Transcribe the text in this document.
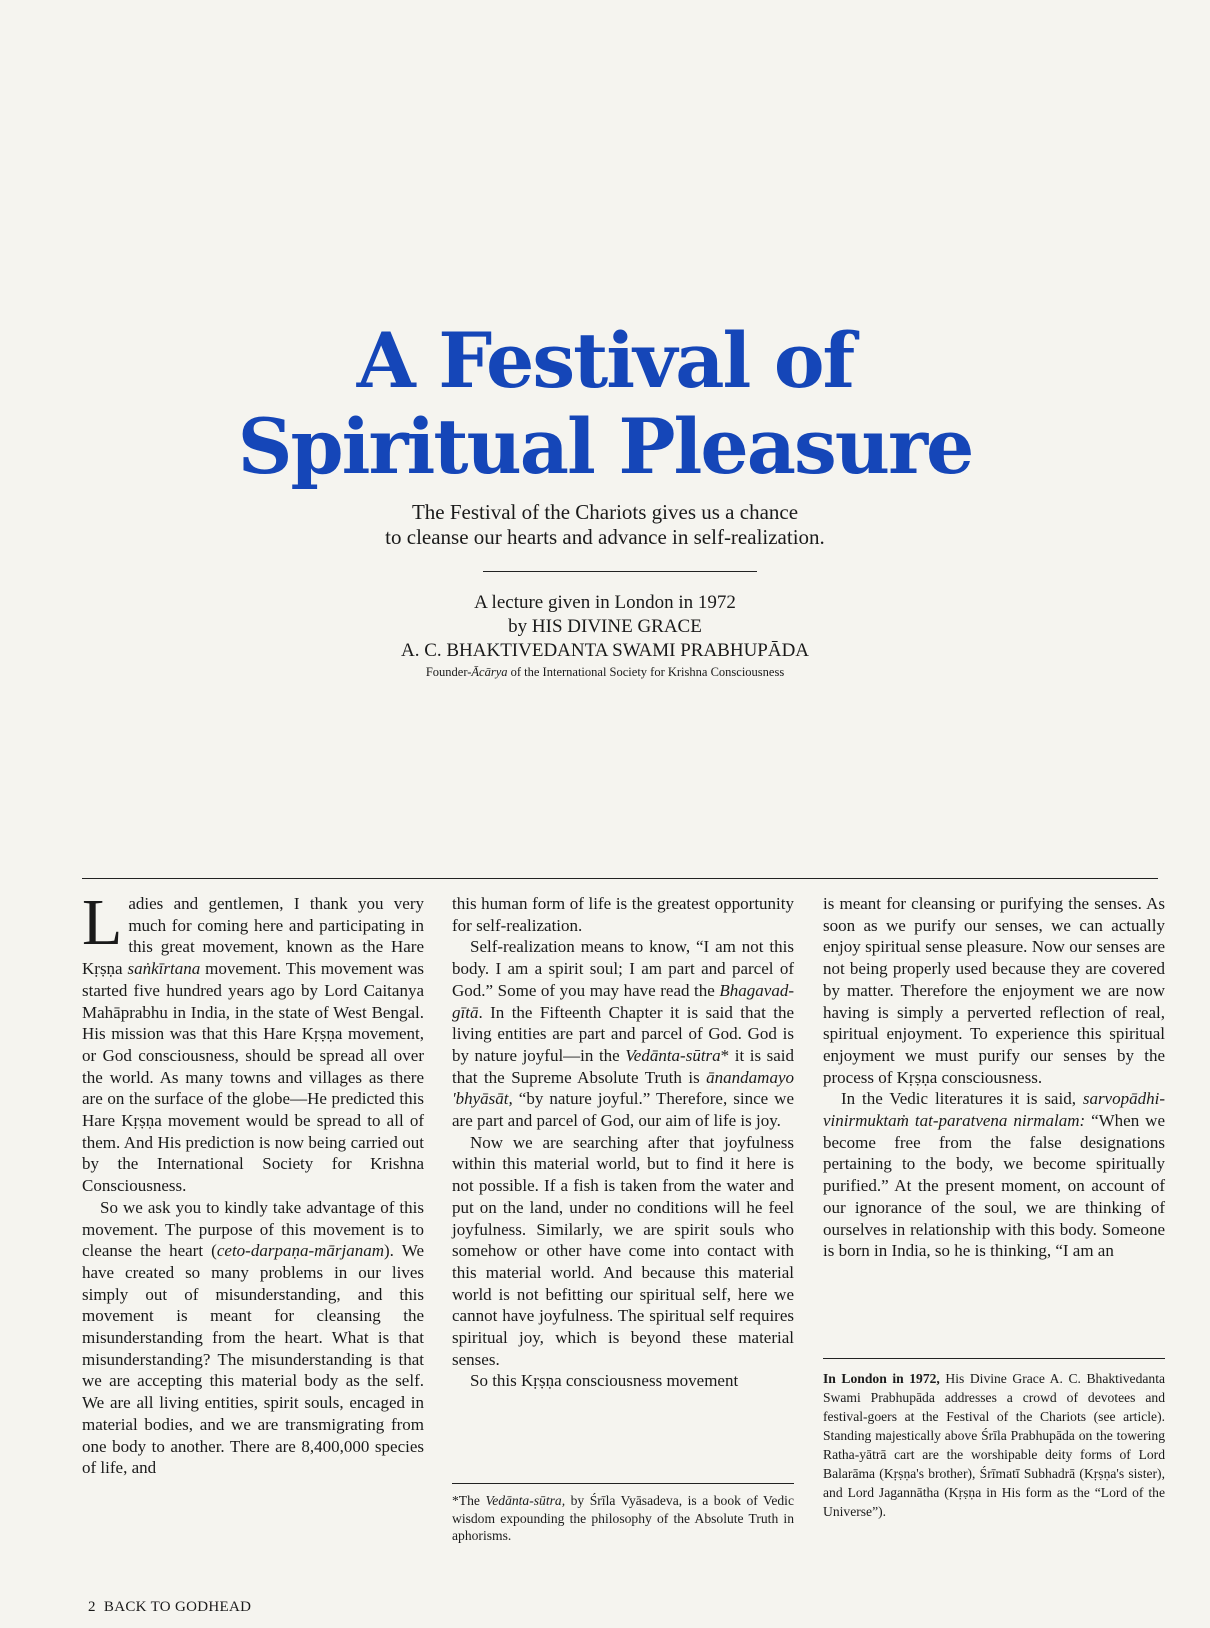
A Festival of
Spiritual Pleasure

The Festival of the Chariots gives us a chance
to cleanse our hearts and advance in self-realization.

A lecture given in London in 1972
by HIS DIVINE GRACE
A. C. BHAKTIVEDANTA SWAMI PRABHUPĀDA
Founder-Ācārya of the International Society for Krishna Consciousness

Ladies and gentlemen, I thank you very much for coming here and participating in this great movement, known as the Hare Kṛṣṇa saṅkīrtana movement. This movement was started five hundred years ago by Lord Caitanya Mahāprabhu in India, in the state of West Bengal. His mission was that this Hare Kṛṣṇa movement, or God consciousness, should be spread all over the world. As many towns and villages as there are on the surface of the globe—He predicted this Hare Kṛṣṇa movement would be spread to all of them. And His prediction is now being carried out by the International Society for Krishna Consciousness.

So we ask you to kindly take advantage of this movement. The purpose of this movement is to cleanse the heart (ceto-darpaṇa-mārjanam). We have created so many problems in our lives simply out of misunderstanding, and this movement is meant for cleansing the misunderstanding from the heart. What is that misunderstanding? The misunderstanding is that we are accepting this material body as the self. We are all living entities, spirit souls, encaged in material bodies, and we are transmigrating from one body to another. There are 8,400,000 species of life, and

this human form of life is the greatest opportunity for self-realization.

Self-realization means to know, “I am not this body. I am a spirit soul; I am part and parcel of God.” Some of you may have read the Bhagavad-gītā. In the Fifteenth Chapter it is said that the living entities are part and parcel of God. God is by nature joyful—in the Vedānta-sūtra* it is said that the Supreme Absolute Truth is ānandamayo 'bhyāsāt, “by nature joyful.” Therefore, since we are part and parcel of God, our aim of life is joy.

Now we are searching after that joyfulness within this material world, but to find it here is not possible. If a fish is taken from the water and put on the land, under no conditions will he feel joyfulness. Similarly, we are spirit souls who somehow or other have come into contact with this material world. And because this material world is not befitting our spiritual self, here we cannot have joyfulness. The spiritual self requires spiritual joy, which is beyond these material senses.

So this Kṛṣṇa consciousness movement

is meant for cleansing or purifying the senses. As soon as we purify our senses, we can actually enjoy spiritual sense pleasure. Now our senses are not being properly used because they are covered by matter. Therefore the enjoyment we are now having is simply a perverted reflection of real, spiritual enjoyment. To experience this spiritual enjoyment we must purify our senses by the process of Kṛṣṇa consciousness.

In the Vedic literatures it is said, sarvopādhi-vinirmuktaṁ tat-paratvena nirmalam: “When we become free from the false designations pertaining to the body, we become spiritually purified.” At the present moment, on account of our ignorance of the soul, we are thinking of ourselves in relationship with this body. Someone is born in India, so he is thinking, “I am an

*The Vedānta-sūtra, by Śrīla Vyāsadeva, is a book of Vedic wisdom expounding the philosophy of the Absolute Truth in aphorisms.
In London in 1972, His Divine Grace A. C. Bhaktivedanta Swami Prabhupāda addresses a crowd of devotees and festival-goers at the Festival of the Chariots (see article). Standing majestically above Śrīla Prabhupāda on the towering Ratha-yātrā cart are the worshipable deity forms of Lord Balarāma (Kṛṣṇa's brother), Śrīmatī Subhadrā (Kṛṣṇa's sister), and Lord Jagannātha (Kṛṣṇa in His form as the “Lord of the Universe”).
2 BACK TO GODHEAD
